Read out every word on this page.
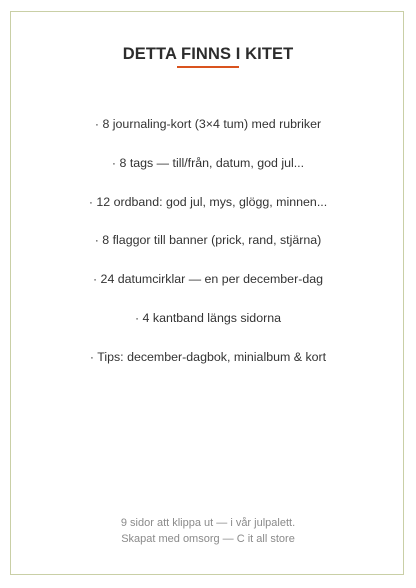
DETTA FINNS I KITET
· 8 journaling-kort (3×4 tum) med rubriker
· 8 tags — till/från, datum, god jul...
· 12 ordband: god jul, mys, glögg, minnen...
· 8 flaggor till banner (prick, rand, stjärna)
· 24 datumcirklar — en per december-dag
· 4 kantband längs sidorna
· Tips: december-dagbok, minialbum & kort
9 sidor att klippa ut — i vår julpalett.
Skapat med omsorg — C it all store
